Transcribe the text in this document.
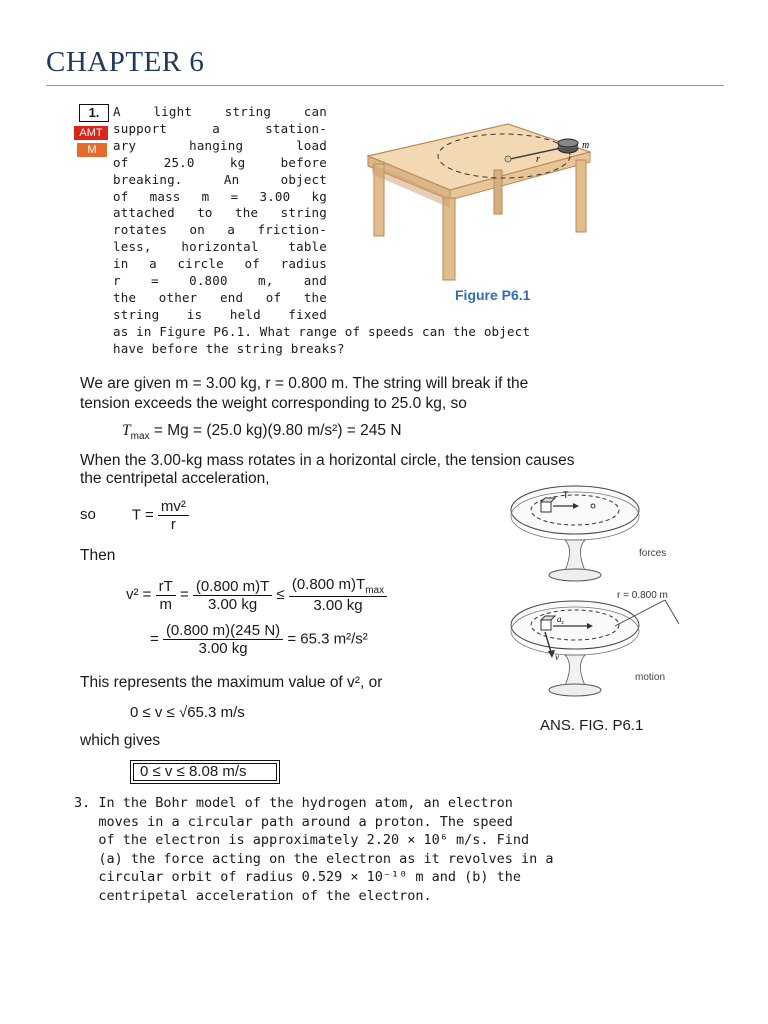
CHAPTER 6
1.
AMT
M
A light string can
support a station-
ary hanging load
of 25.0 kg before
breaking. An object
of mass m = 3.00 kg
attached to the string
rotates on a friction-
less, horizontal table
in a circle of radius
r = 0.800 m, and
the other end of the
string is held fixed
as in Figure P6.1. What range of speeds can the object
have before the string breaks?
r
m
Figure P6.1
We are given m = 3.00 kg, r = 0.800 m. The string will break if the
tension exceeds the weight corresponding to 25.0 kg, so
$T_{max} = Mg = (25.0$ kg)(9.80 m/s²) = 245 N
When the 3.00-kg mass rotates in a horizontal circle, the tension causes
the centripetal acceleration,
so $T = \frac{\text{mv²}}{r}$
Then
$v^2 = \frac{rT}{m} = \frac{(0.800 m)T}{3.00 kg} \le \frac{(0.800 m)T_{max}}{3.00 kg}$
= $\frac{(0.800 m)(245 N)}{3.00 kg} = 65.3$ m²/s²
This represents the maximum value of v², or
0 ≤ v ≤ √65.3 m/s
which gives
0 ≤ v ≤ 8.08 m/s
T
forces
$a_c$
v
r = 0.800 m
motion
ANS. FIG. P6.1
3. In the Bohr model of the hydrogen atom, an electron
moves in a circular path around a proton. The speed
of the electron is approximately 2.20 × 10⁶ m/s. Find
(a) the force acting on the electron as it revolves in a
circular orbit of radius 0.529 × 10⁻¹⁰ m and (b) the
centripetal acceleration of the electron.
